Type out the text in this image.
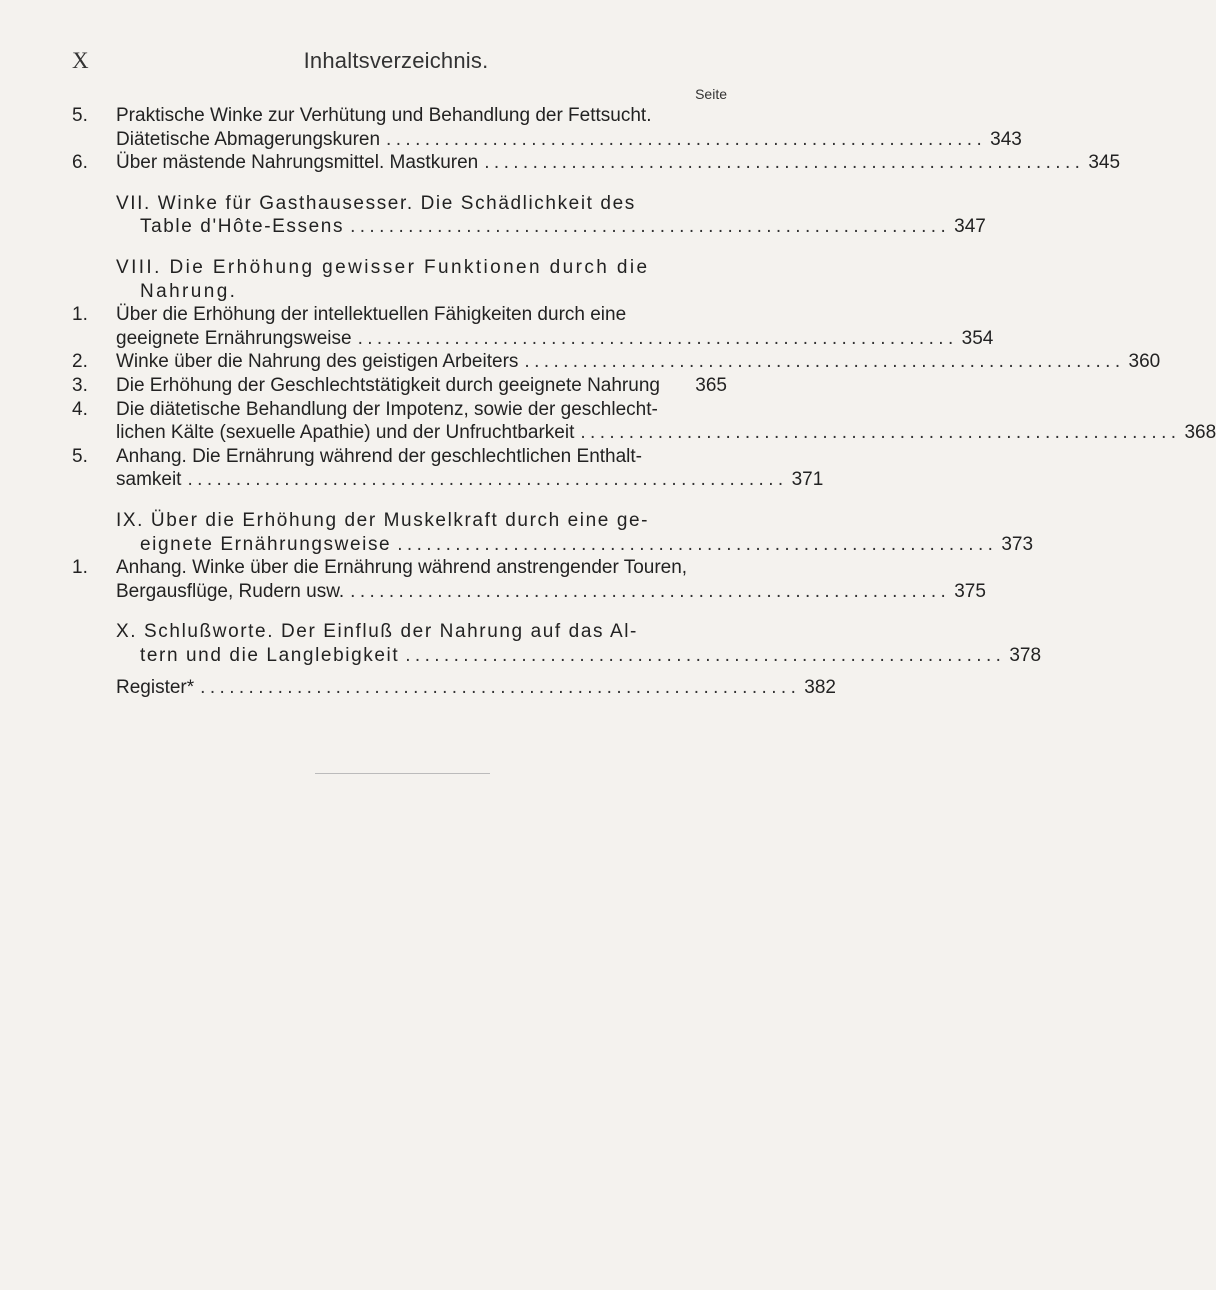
X	Inhaltsverzeichnis.
Seite
5.	Praktische Winke zur Verhütung und Behandlung der Fettsucht.
Diätetische Abmagerungskuren .............................................................. 343
6.	Über mästende Nahrungsmittel. Mastkuren .............................................................. 345
VII. Winke für Gasthausesser. Die Schädlichkeit des
Table d'Hôte-Essens .............................................................. 347
VIII. Die Erhöhung gewisser Funktionen durch die
Nahrung.
1.	Über die Erhöhung der intellektuellen Fähigkeiten durch eine
geeignete Ernährungsweise .............................................................. 354
2.	Winke über die Nahrung des geistigen Arbeiters .............................................................. 360
3.	Die Erhöhung der Geschlechtstätigkeit durch geeignete Nahrung 365
4.	Die diätetische Behandlung der Impotenz, sowie der geschlecht-
lichen Kälte (sexuelle Apathie) und der Unfruchtbarkeit .............................................................. 368
5.	Anhang. Die Ernährung während der geschlechtlichen Enthalt-
samkeit .............................................................. 371
IX. Über die Erhöhung der Muskelkraft durch eine ge-
eignete Ernährungsweise .............................................................. 373
1.	Anhang. Winke über die Ernährung während anstrengender Touren,
Bergausflüge, Rudern usw. .............................................................. 375
X. Schlußworte. Der Einfluß der Nahrung auf das Al-
tern und die Langlebigkeit .............................................................. 378
Register* .............................................................. 382
